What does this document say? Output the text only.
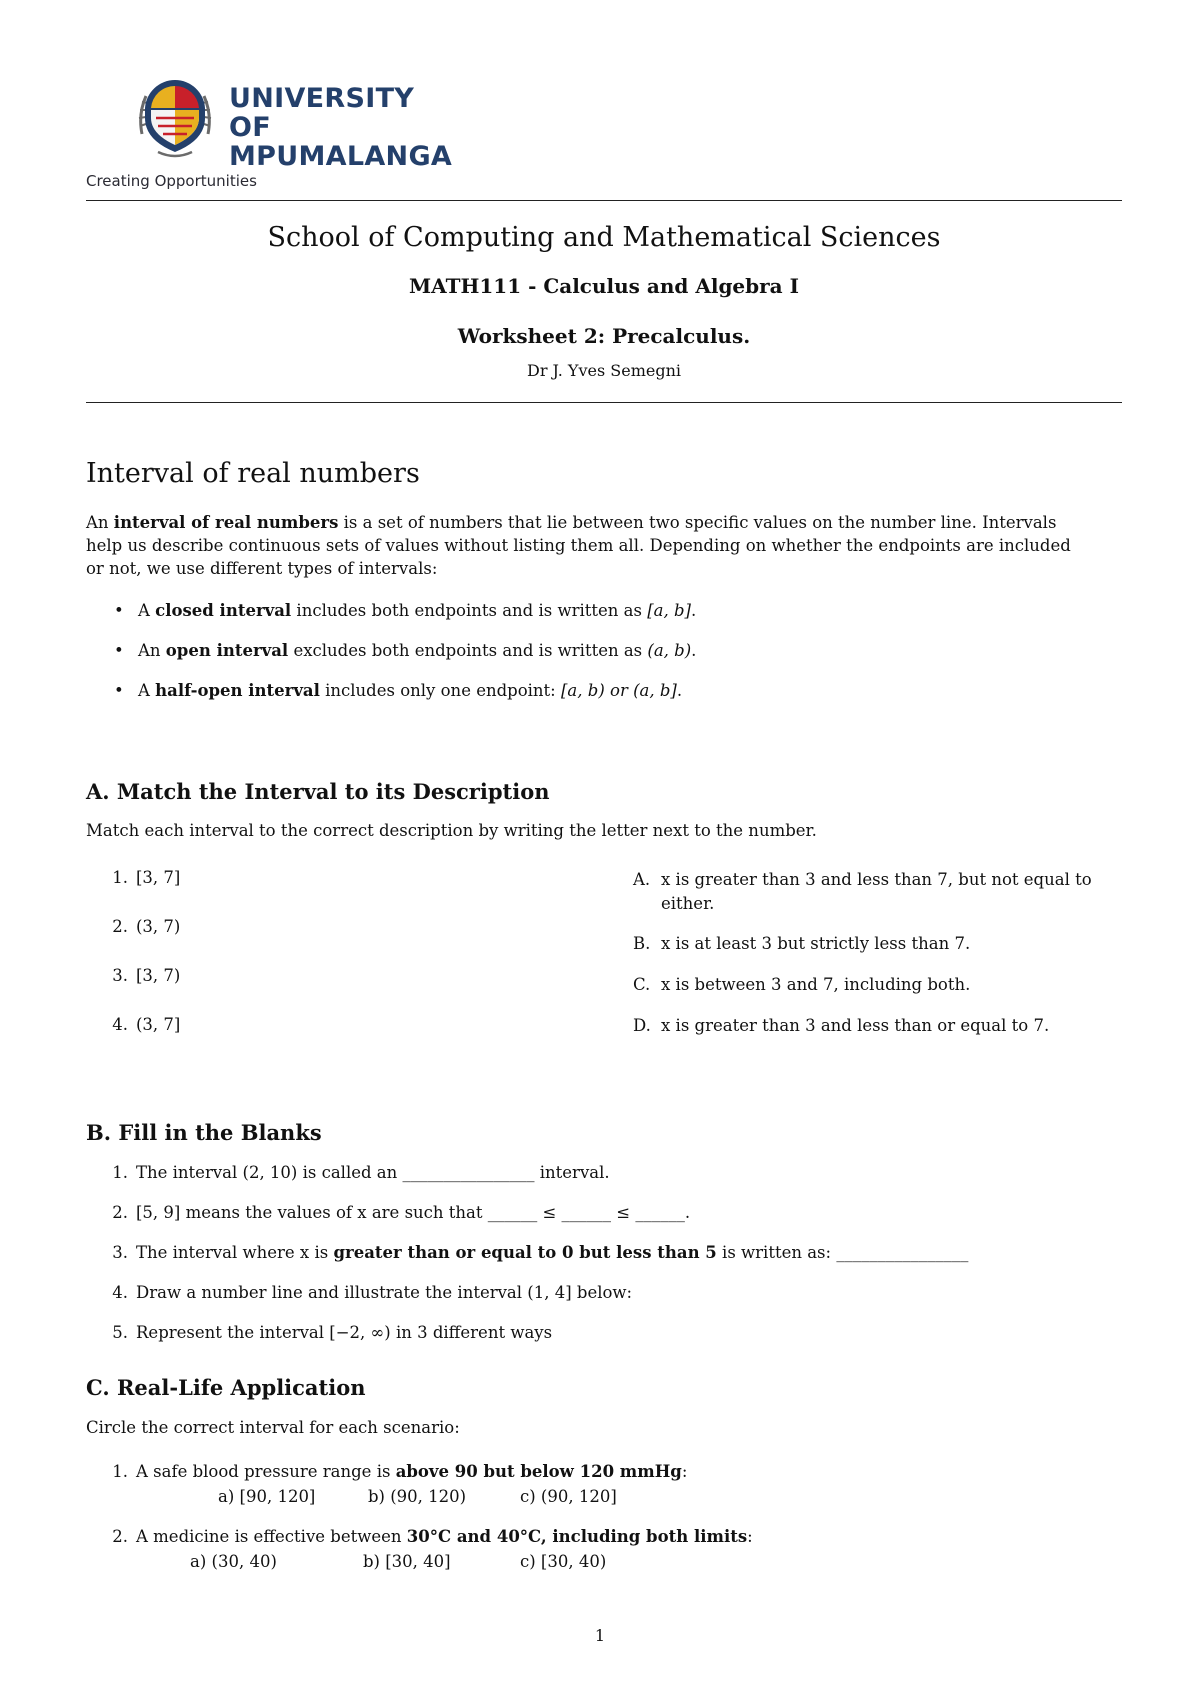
UNIVERSITY OF
MPUMALANGA
Creating Opportunities
School of Computing and Mathematical Sciences
MATH111 - Calculus and Algebra I
Worksheet 2: Precalculus.
Dr J. Yves Semegni
Interval of real numbers
An interval of real numbers is a set of numbers that lie between two specific values on the number line. Intervals
help us describe continuous sets of values without listing them all. Depending on whether the endpoints are included
or not, we use different types of intervals:
• A closed interval includes both endpoints and is written as [a, b].
• An open interval excludes both endpoints and is written as (a, b).
• A half-open interval includes only one endpoint: [a, b) or (a, b].
A. Match the Interval to its Description
Match each interval to the correct description by writing the letter next to the number.
1. [3, 7]
2. (3, 7)
3. [3, 7)
4. (3, 7]
A. x is greater than 3 and less than 7, but not equal to either.
B. x is at least 3 but strictly less than 7.
C. x is between 3 and 7, including both.
D. x is greater than 3 and less than or equal to 7.
B. Fill in the Blanks
1. The interval (2, 10) is called an ________________ interval.
2. [5, 9] means the values of x are such that ______ ≤ ______ ≤ ______.
3. The interval where x is greater than or equal to 0 but less than 5 is written as: ________________
4. Draw a number line and illustrate the interval (1, 4] below:
5. Represent the interval [−2, ∞) in 3 different ways
C. Real-Life Application
Circle the correct interval for each scenario:
1. A safe blood pressure range is above 90 but below 120 mmHg:
a) [90, 120]	b) (90, 120)	c) (90, 120]
2. A medicine is effective between 30°C and 40°C, including both limits:
a) (30, 40)	b) [30, 40]	c) [30, 40)
1
